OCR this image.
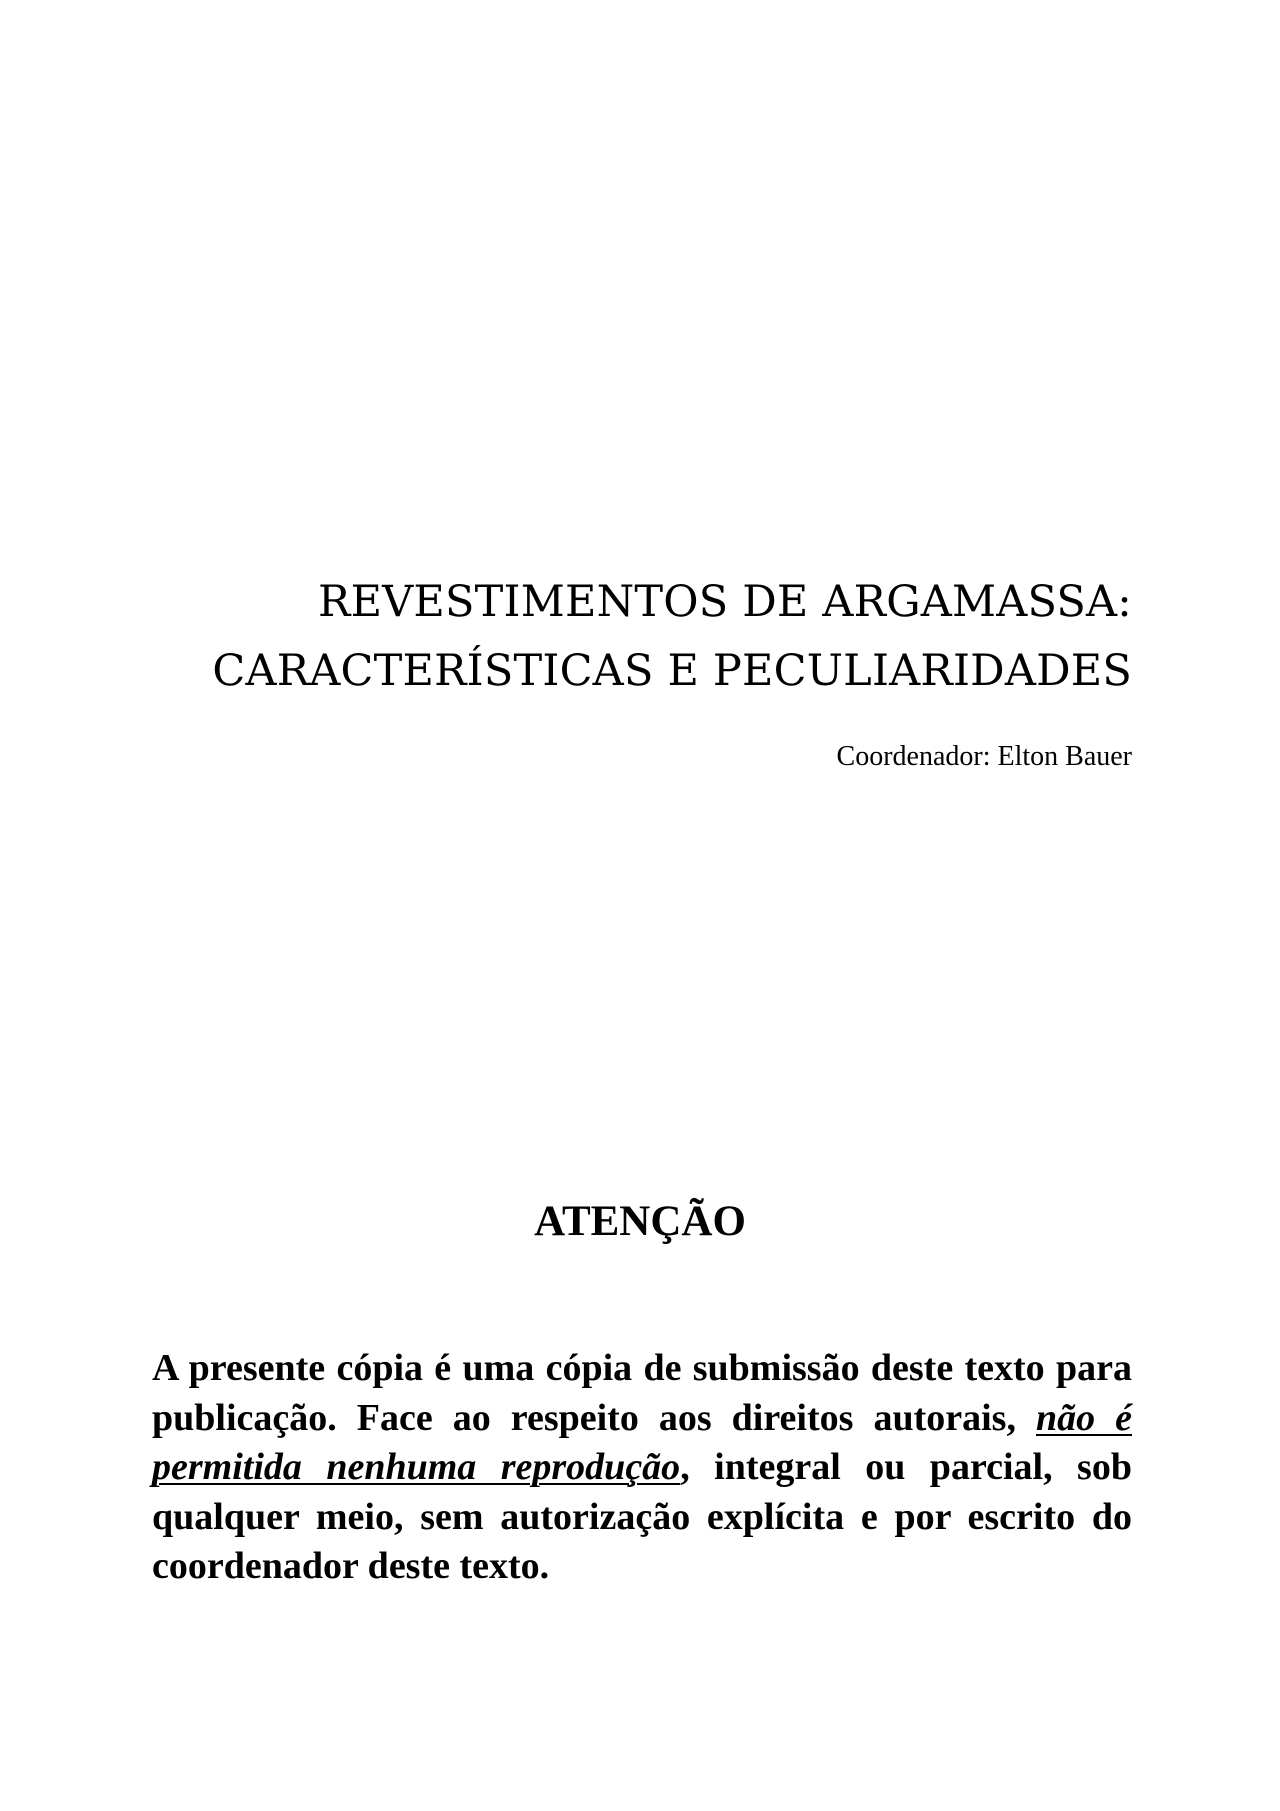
REVESTIMENTOS DE ARGAMASSA:
CARACTERÍSTICAS E PECULIARIDADES
Coordenador: Elton Bauer
ATENÇÃO

A presente cópia é uma cópia de submissão deste texto para publicação. Face ao respeito aos direitos autorais, não é permitida nenhuma reprodução, integral ou parcial, sob qualquer meio, sem autorização explícita e por escrito do coordenador deste texto.
